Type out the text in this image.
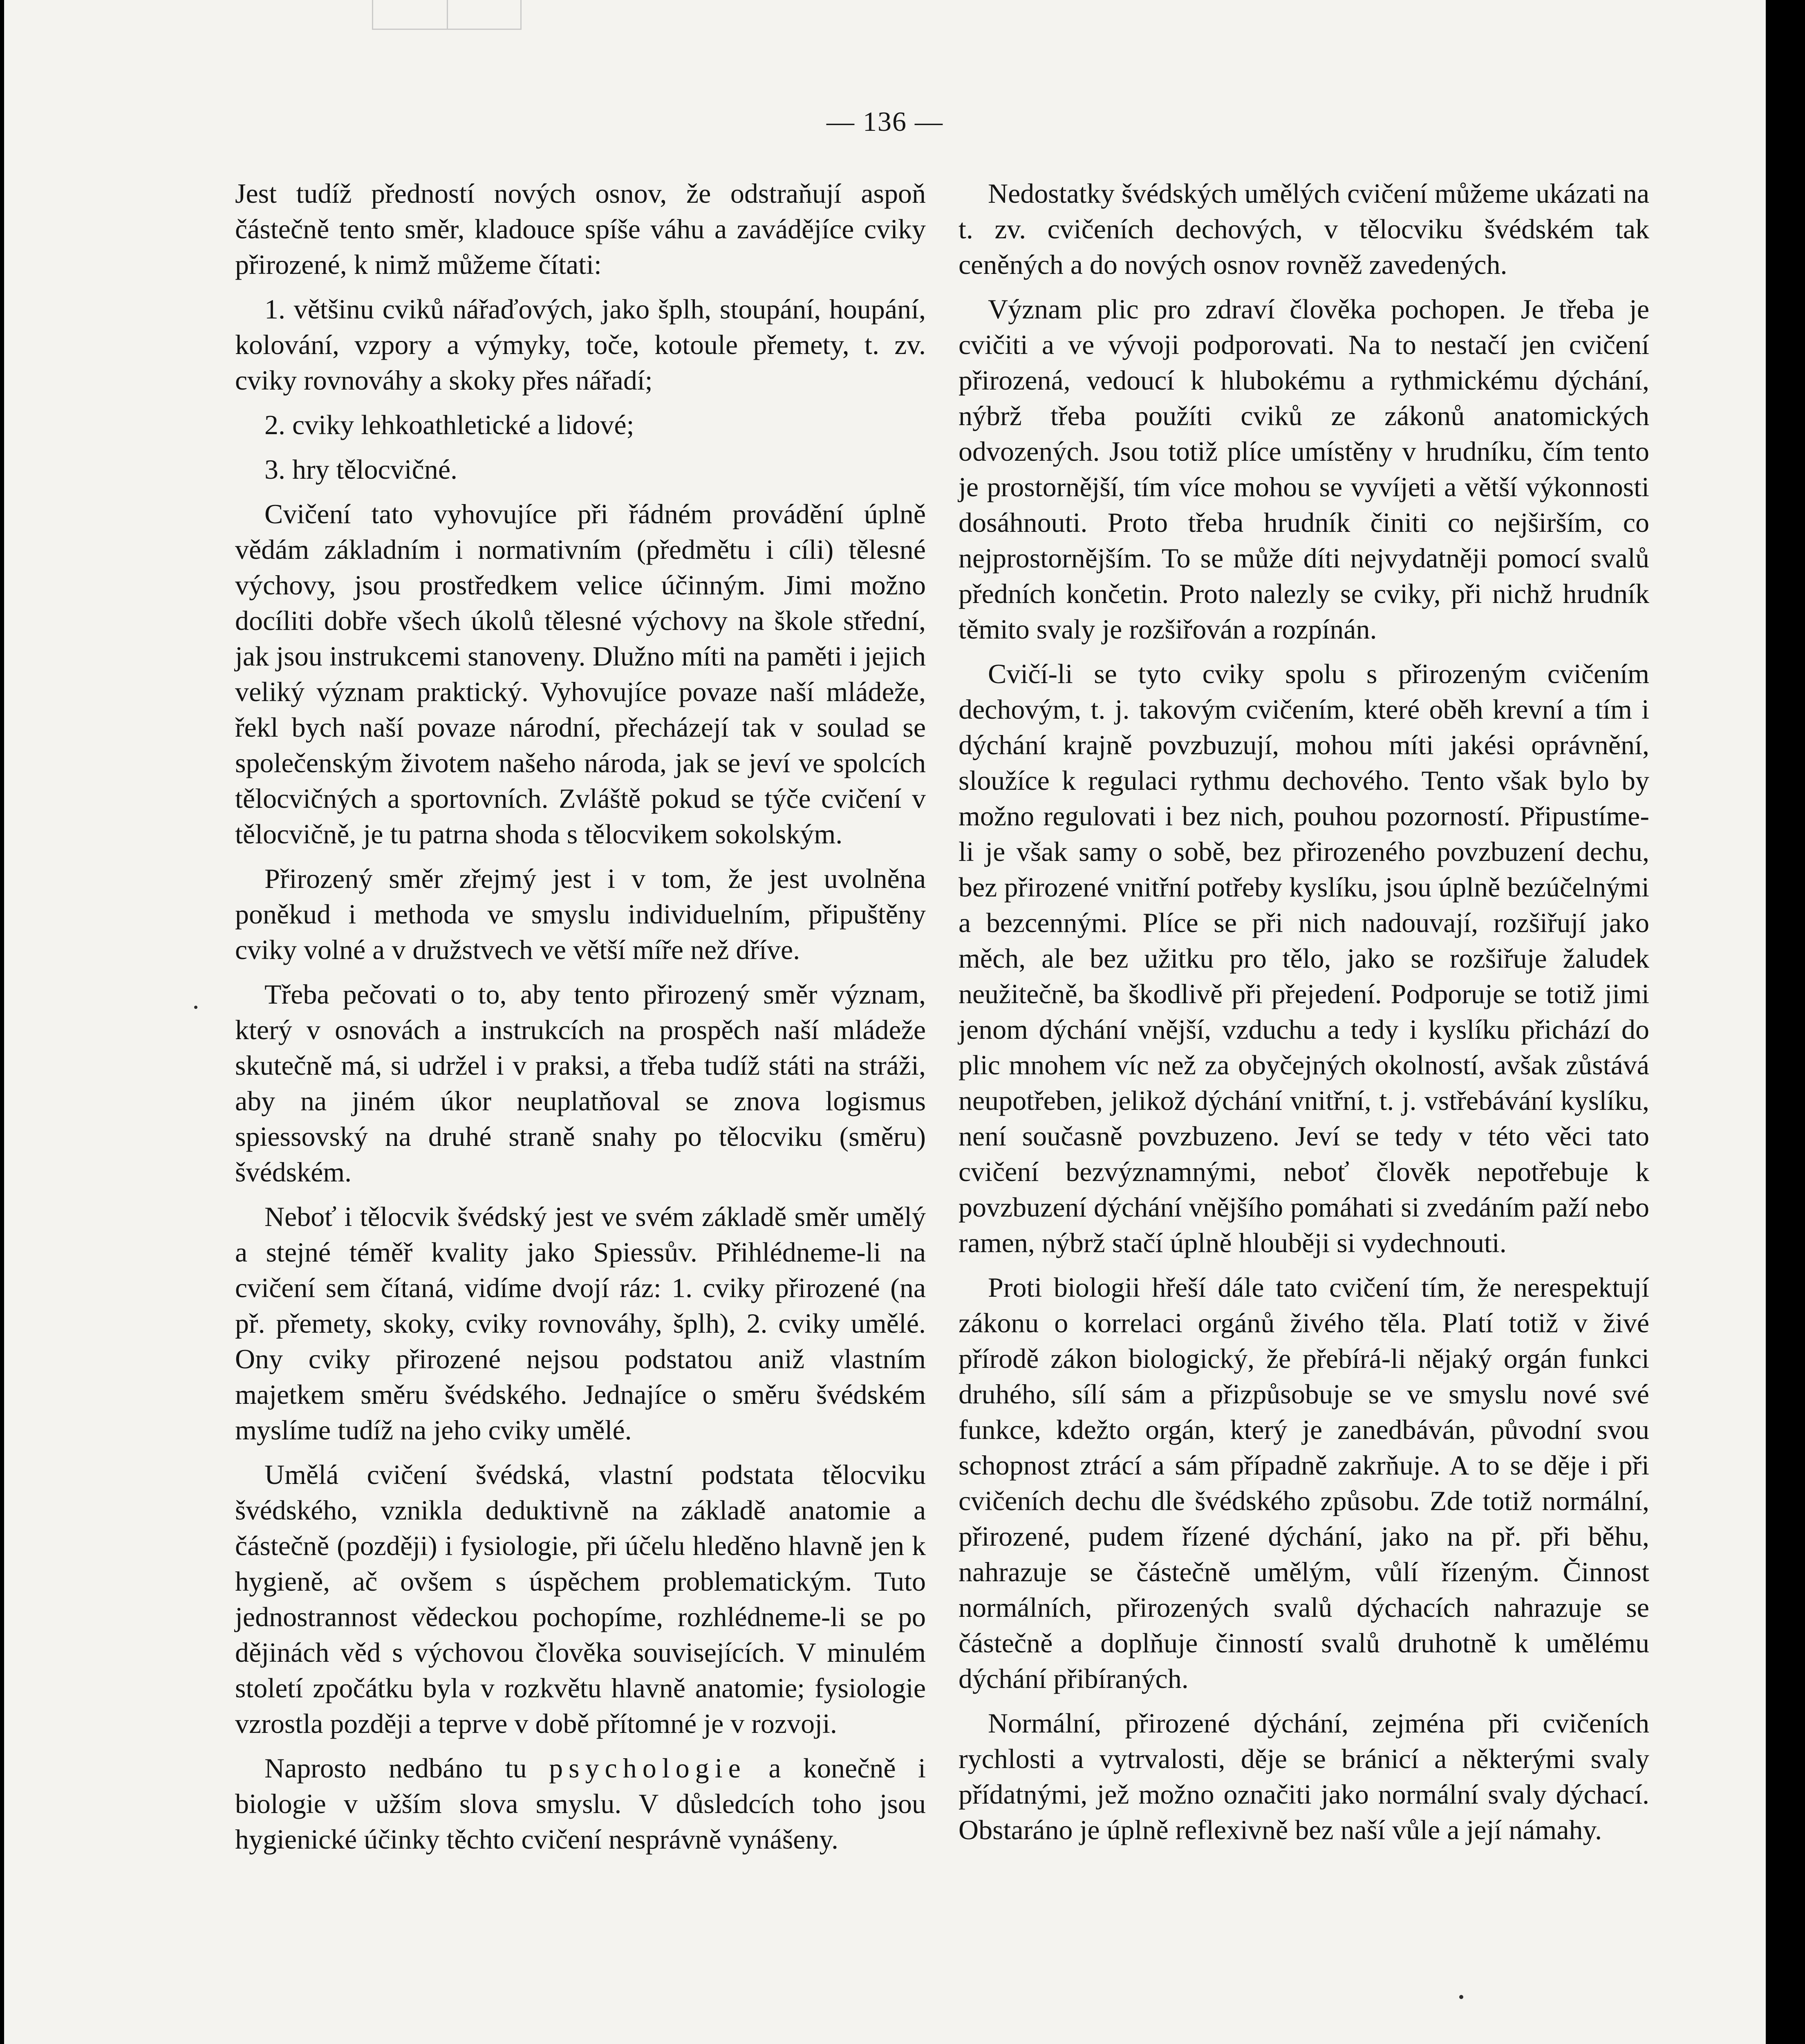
— 136 —

Jest tudíž předností nových osnov, že odstraňují aspoň částečně tento směr, kladouce spíše váhu a zavádějíce cviky přirozené, k nimž můžeme čítati:

1. většinu cviků nářaďových, jako šplh, stoupání, houpání, kolování, vzpory a výmyky, toče, kotoule přemety, t. zv. cviky rovnováhy a skoky přes nářadí;

2. cviky lehkoathletické a lidové;

3. hry tělocvičné.

Cvičení tato vyhovujíce při řádném provádění úplně vědám základním i normativním (předmětu i cíli) tělesné výchovy, jsou prostředkem velice účinným. Jimi možno docíliti dobře všech úkolů tělesné výchovy na škole střední, jak jsou instrukcemi stanoveny. Dlužno míti na paměti i jejich veliký význam praktický. Vyhovujíce povaze naší mládeže, řekl bych naší povaze národní, přecházejí tak v soulad se společenským životem našeho národa, jak se jeví ve spolcích tělocvičných a sportovních. Zvláště pokud se týče cvičení v tělocvičně, je tu patrna shoda s tělocvikem sokolským.

Přirozený směr zřejmý jest i v tom, že jest uvolněna poněkud i methoda ve smyslu individuelním, připuštěny cviky volné a v družstvech ve větší míře než dříve.

Třeba pečovati o to, aby tento přirozený směr význam, který v osnovách a instrukcích na prospěch naší mládeže skutečně má, si udržel i v praksi, a třeba tudíž státi na stráži, aby na jiném úkor neuplatňoval se znova logismus spiessovský na druhé straně snahy po tělocviku (směru) švédském.

Neboť i tělocvik švédský jest ve svém základě směr umělý a stejné téměř kvality jako Spiessův. Přihlédneme-li na cvičení sem čítaná, vidíme dvojí ráz: 1. cviky přirozené (na př. přemety, skoky, cviky rovnováhy, šplh), 2. cviky umělé. Ony cviky přirozené nejsou podstatou aniž vlastním majetkem směru švédského. Jednajíce o směru švédském myslíme tudíž na jeho cviky umělé.

Umělá cvičení švédská, vlastní podstata tělocviku švédského, vznikla deduktivně na základě anatomie a částečně (později) i fysiologie, při účelu hleděno hlavně jen k hygieně, ač ovšem s úspěchem problematickým. Tuto jednostrannost vědeckou pochopíme, rozhlédneme-li se po dějinách věd s výchovou člověka souvisejících. V minulém století zpočátku byla v rozkvětu hlavně anatomie; fysiologie vzrostla později a teprve v době přítomné je v rozvoji.

Naprosto nedbáno tu psychologie a konečně i biologie v užším slova smyslu. V důsledcích toho jsou hygienické účinky těchto cvičení nesprávně vynášeny.

Nedostatky švédských umělých cvičení můžeme ukázati na t. zv. cvičeních dechových, v tělocviku švédském tak ceněných a do nových osnov rovněž zavedených.

Význam plic pro zdraví člověka pochopen. Je třeba je cvičiti a ve vývoji podporovati. Na to nestačí jen cvičení přirozená, vedoucí k hlubokému a rythmickému dýchání, nýbrž třeba použíti cviků ze zákonů anatomických odvozených. Jsou totiž plíce umístěny v hrudníku, čím tento je prostornější, tím více mohou se vyvíjeti a větší výkonnosti dosáhnouti. Proto třeba hrudník činiti co nejširším, co nejprostornějším. To se může díti nejvydatněji pomocí svalů předních končetin. Proto nalezly se cviky, při nichž hrudník těmito svaly je rozšiřován a rozpínán.

Cvičí-li se tyto cviky spolu s přirozeným cvičením dechovým, t. j. takovým cvičením, které oběh krevní a tím i dýchání krajně povzbuzují, mohou míti jakési oprávnění, sloužíce k regulaci rythmu dechového. Tento však bylo by možno regulovati i bez nich, pouhou pozorností. Připustíme-li je však samy o sobě, bez přirozeného povzbuzení dechu, bez přirozené vnitřní potřeby kyslíku, jsou úplně bezúčelnými a bezcennými. Plíce se při nich nadouvají, rozšiřují jako měch, ale bez užitku pro tělo, jako se rozšiřuje žaludek neužitečně, ba škodlivě při přejedení. Podporuje se totiž jimi jenom dýchání vnější, vzduchu a tedy i kyslíku přichází do plic mnohem víc než za obyčejných okolností, avšak zůstává neupotřeben, jelikož dýchání vnitřní, t. j. vstřebávání kyslíku, není současně povzbuzeno. Jeví se tedy v této věci tato cvičení bezvýznamnými, neboť člověk nepotřebuje k povzbuzení dýchání vnějšího pomáhati si zvedáním paží nebo ramen, nýbrž stačí úplně hlouběji si vydechnouti.

Proti biologii hřeší dále tato cvičení tím, že nerespektují zákonu o korrelaci orgánů živého těla. Platí totiž v živé přírodě zákon biologický, že přebírá-li nějaký orgán funkci druhého, sílí sám a přizpůsobuje se ve smyslu nové své funkce, kdežto orgán, který je zanedbáván, původní svou schopnost ztrácí a sám případně zakrňuje. A to se děje i při cvičeních dechu dle švédského způsobu. Zde totiž normální, přirozené, pudem řízené dýchání, jako na př. při běhu, nahrazuje se částečně umělým, vůlí řízeným. Činnost normálních, přirozených svalů dýchacích nahrazuje se částečně a doplňuje činností svalů druhotně k umělému dýchání přibíraných.

Normální, přirozené dýchání, zejména při cvičeních rychlosti a vytrvalosti, děje se bránicí a některými svaly přídatnými, jež možno označiti jako normální svaly dýchací. Obstaráno je úplně reflexivně bez naší vůle a její námahy.
